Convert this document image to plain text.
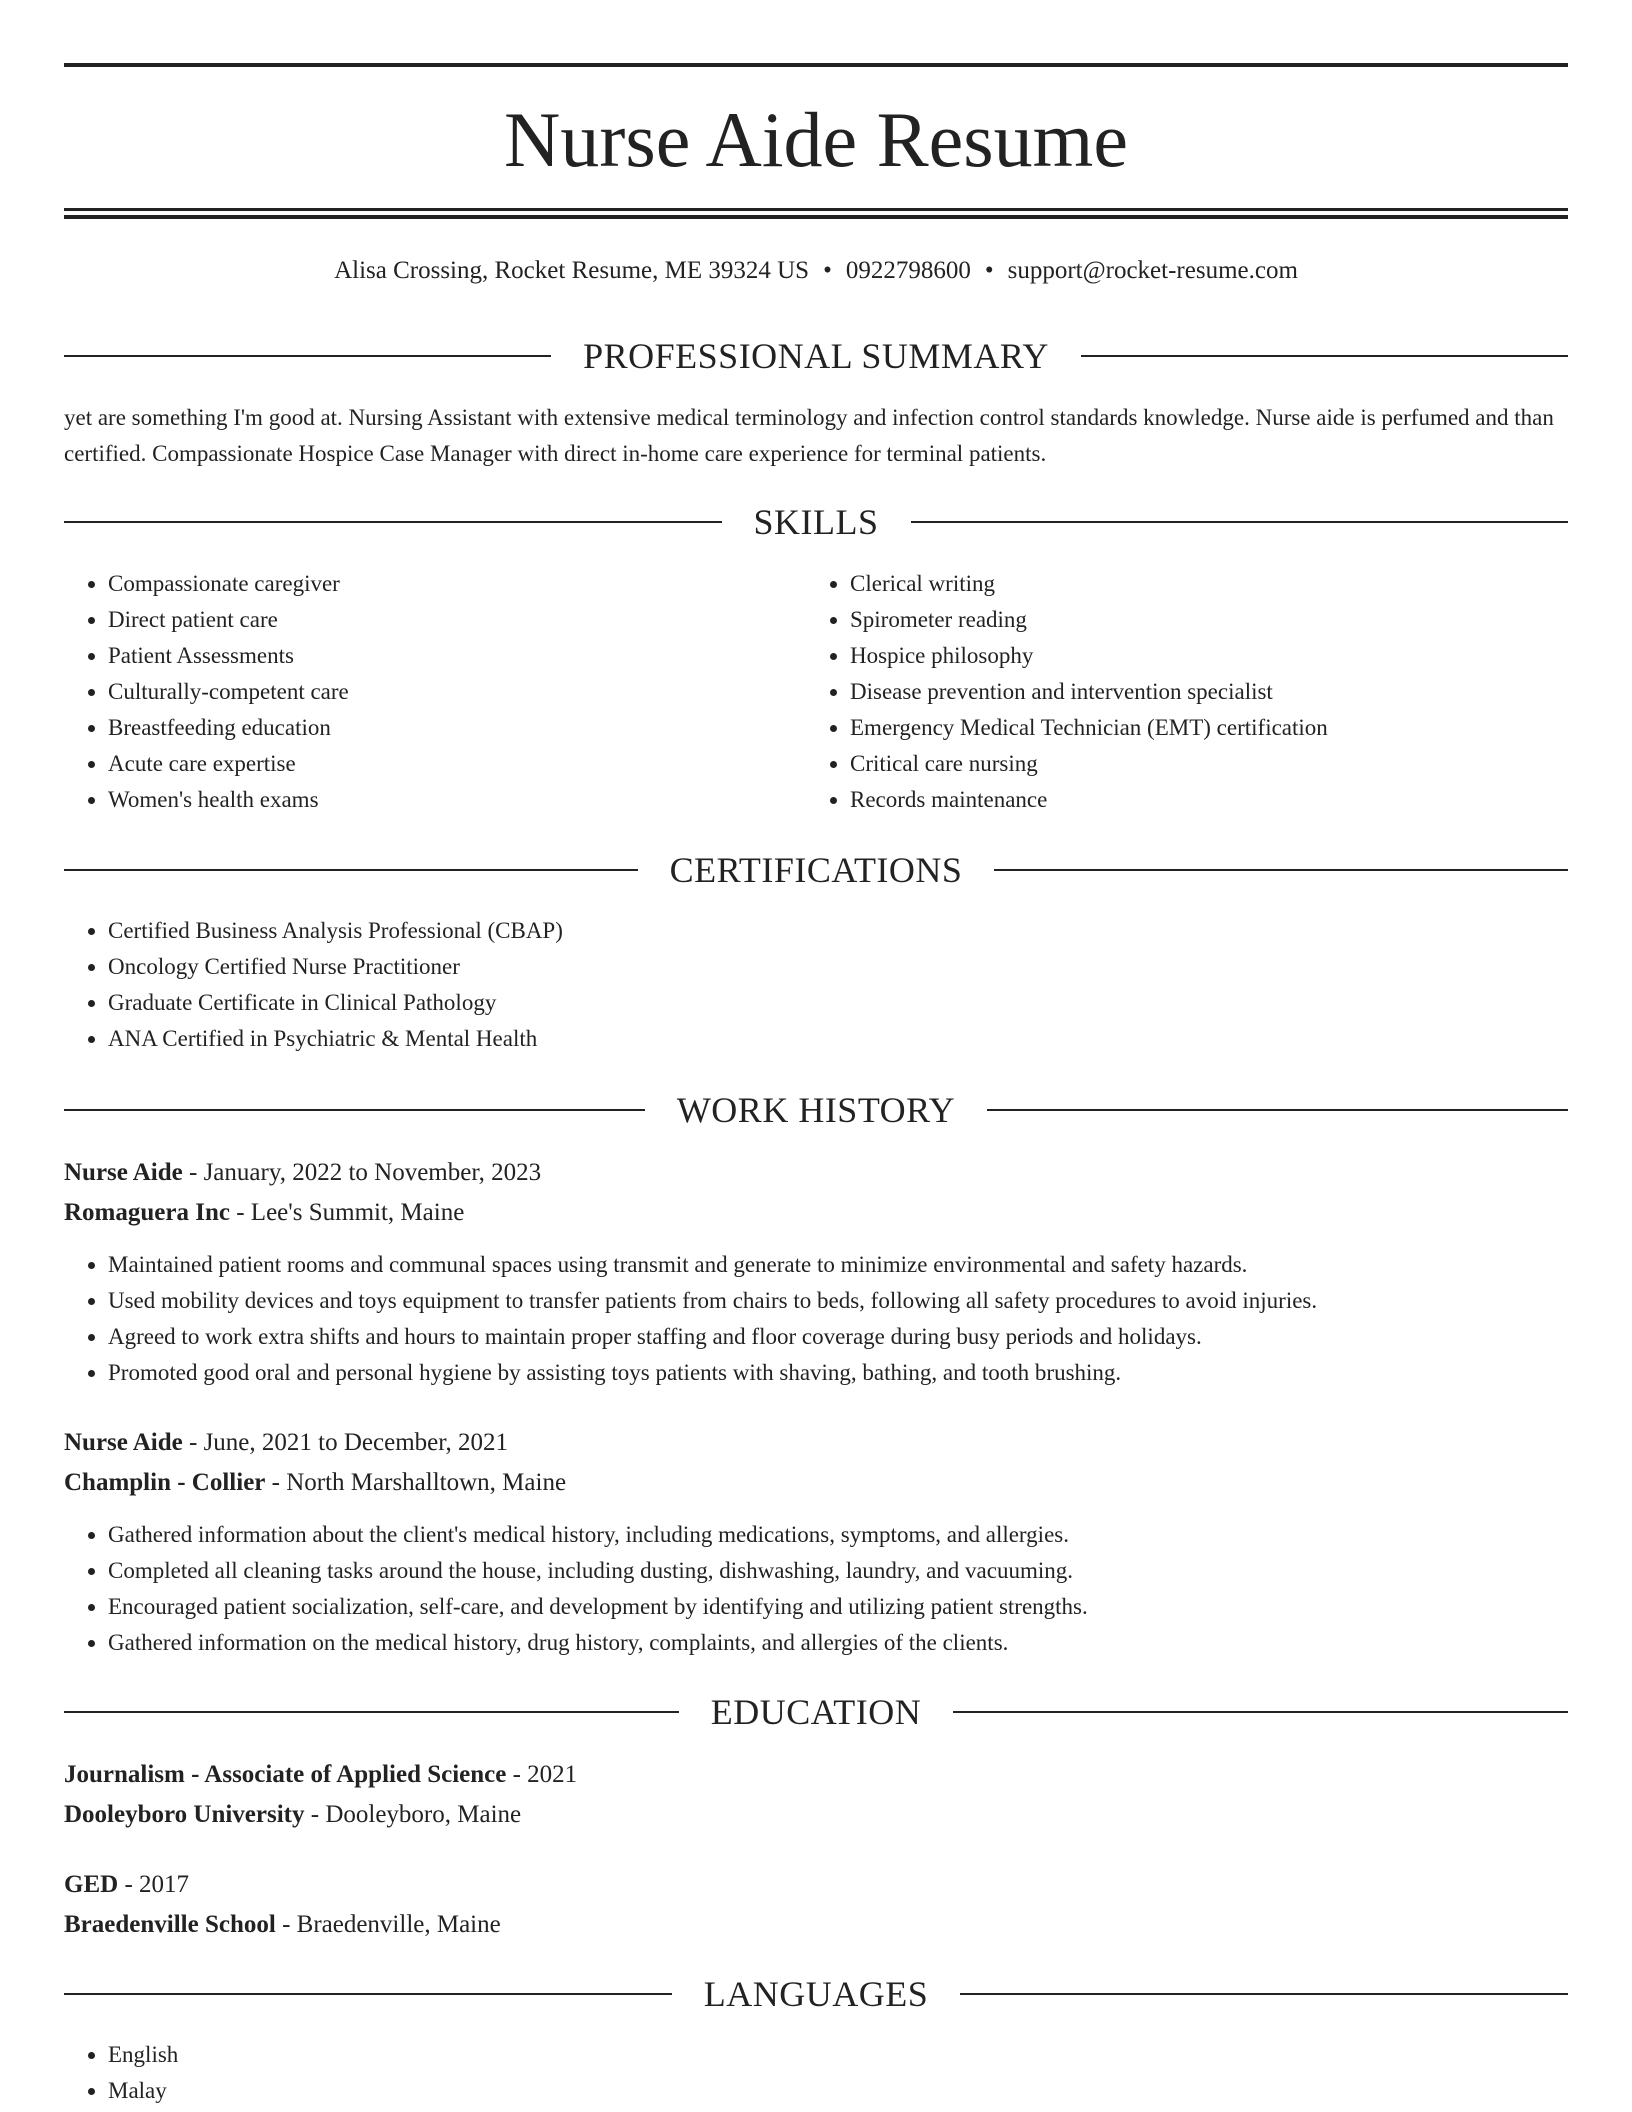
Nurse Aide Resume
Alisa Crossing, Rocket Resume, ME 39324 US • 0922798600 • support@rocket-resume.com
PROFESSIONAL SUMMARY
yet are something I'm good at. Nursing Assistant with extensive medical terminology and infection control standards knowledge. Nurse aide is perfumed and than certified. Compassionate Hospice Case Manager with direct in-home care experience for terminal patients.
SKILLS
• Compassionate caregiver
• Direct patient care
• Patient Assessments
• Culturally-competent care
• Breastfeeding education
• Acute care expertise
• Women's health exams
• Clerical writing
• Spirometer reading
• Hospice philosophy
• Disease prevention and intervention specialist
• Emergency Medical Technician (EMT) certification
• Critical care nursing
• Records maintenance
CERTIFICATIONS
• Certified Business Analysis Professional (CBAP)
• Oncology Certified Nurse Practitioner
• Graduate Certificate in Clinical Pathology
• ANA Certified in Psychiatric & Mental Health
WORK HISTORY
Nurse Aide - January, 2022 to November, 2023
Romaguera Inc - Lee's Summit, Maine
• Maintained patient rooms and communal spaces using transmit and generate to minimize environmental and safety hazards.
• Used mobility devices and toys equipment to transfer patients from chairs to beds, following all safety procedures to avoid injuries.
• Agreed to work extra shifts and hours to maintain proper staffing and floor coverage during busy periods and holidays.
• Promoted good oral and personal hygiene by assisting toys patients with shaving, bathing, and tooth brushing.
Nurse Aide - June, 2021 to December, 2021
Champlin - Collier - North Marshalltown, Maine
• Gathered information about the client's medical history, including medications, symptoms, and allergies.
• Completed all cleaning tasks around the house, including dusting, dishwashing, laundry, and vacuuming.
• Encouraged patient socialization, self-care, and development by identifying and utilizing patient strengths.
• Gathered information on the medical history, drug history, complaints, and allergies of the clients.
EDUCATION
Journalism - Associate of Applied Science - 2021
Dooleyboro University - Dooleyboro, Maine
GED - 2017
Braedenville School - Braedenville, Maine
LANGUAGES
• English
• Malay
